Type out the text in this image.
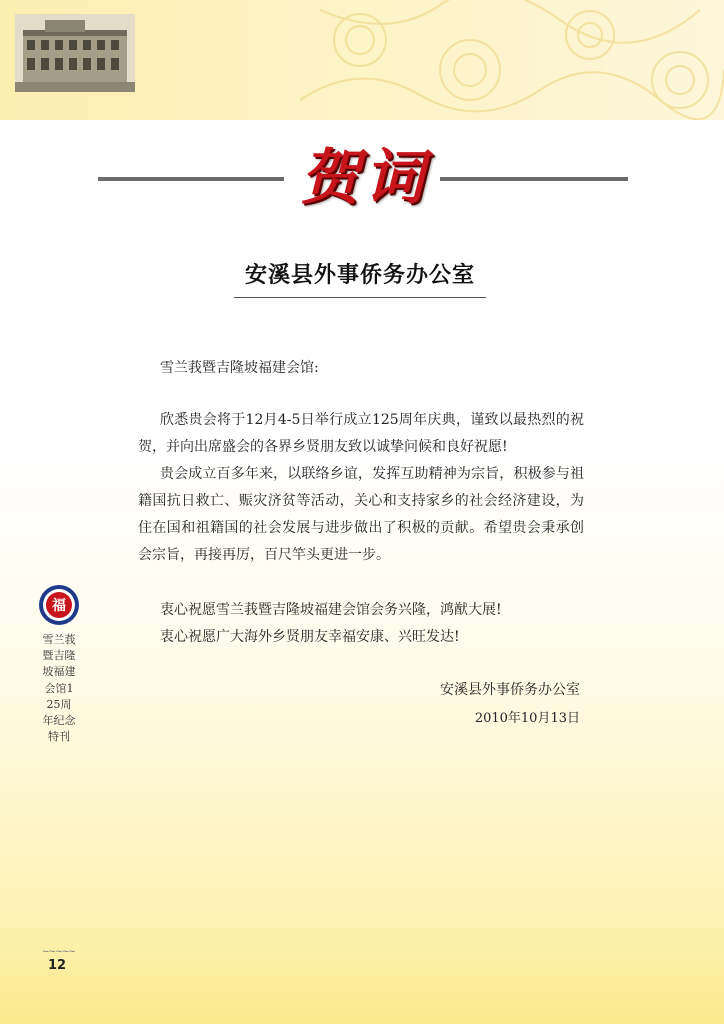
贺词
安溪县外事侨务办公室
雪兰莪暨吉隆坡福建会馆:

欣悉贵会将于12月4-5日举行成立125周年庆典，谨致以最热烈的祝贺，并向出席盛会的各界乡贤朋友致以诚挚问候和良好祝愿!

贵会成立百多年来，以联络乡谊，发挥互助精神为宗旨，积极参与祖籍国抗日救亡、赈灾济贫等活动，关心和支持家乡的社会经济建设，为住在国和祖籍国的社会发展与进步做出了积极的贡献。希望贵会秉承创会宗旨，再接再厉，百尺竿头更进一步。

衷心祝愿雪兰莪暨吉隆坡福建会馆会务兴隆，鸿猷大展!
衷心祝愿广大海外乡贤朋友幸福安康、兴旺发达!
安溪县外事侨务办公室
2010年10月13日
福
雪兰莪暨吉隆坡福建会馆125周年纪念特刊
~~~~~
12
